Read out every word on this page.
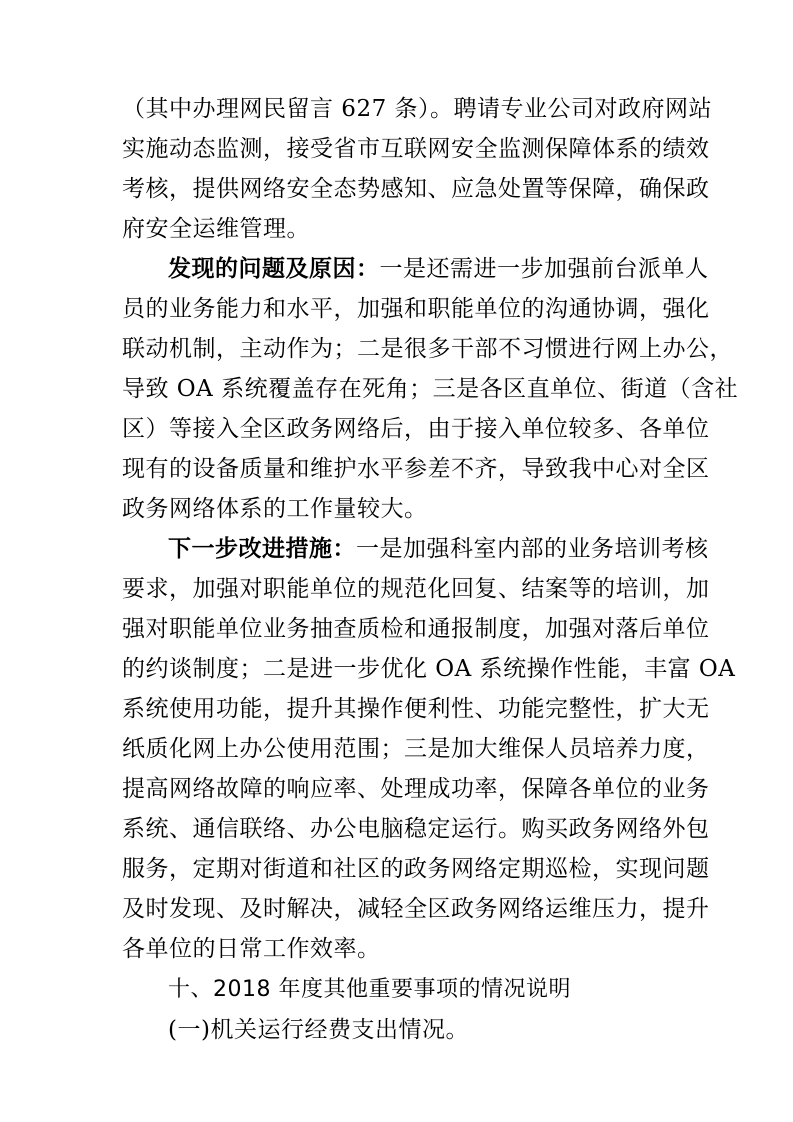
（其中办理网民留言 627 条）。聘请专业公司对政府网站
实施动态监测，接受省市互联网安全监测保障体系的绩效
考核，提供网络安全态势感知、应急处置等保障，确保政
府安全运维管理。
发现的问题及原因：一是还需进一步加强前台派单人
员的业务能力和水平，加强和职能单位的沟通协调，强化
联动机制，主动作为；二是很多干部不习惯进行网上办公，
导致 OA 系统覆盖存在死角；三是各区直单位、街道（含社
区）等接入全区政务网络后，由于接入单位较多、各单位
现有的设备质量和维护水平参差不齐，导致我中心对全区
政务网络体系的工作量较大。
下一步改进措施：一是加强科室内部的业务培训考核
要求，加强对职能单位的规范化回复、结案等的培训，加
强对职能单位业务抽查质检和通报制度，加强对落后单位
的约谈制度；二是进一步优化 OA 系统操作性能，丰富 OA
系统使用功能，提升其操作便利性、功能完整性，扩大无
纸质化网上办公使用范围；三是加大维保人员培养力度，
提高网络故障的响应率、处理成功率，保障各单位的业务
系统、通信联络、办公电脑稳定运行。购买政务网络外包
服务，定期对街道和社区的政务网络定期巡检，实现问题
及时发现、及时解决，减轻全区政务网络运维压力，提升
各单位的日常工作效率。
十、2018 年度其他重要事项的情况说明
(一)机关运行经费支出情况。
